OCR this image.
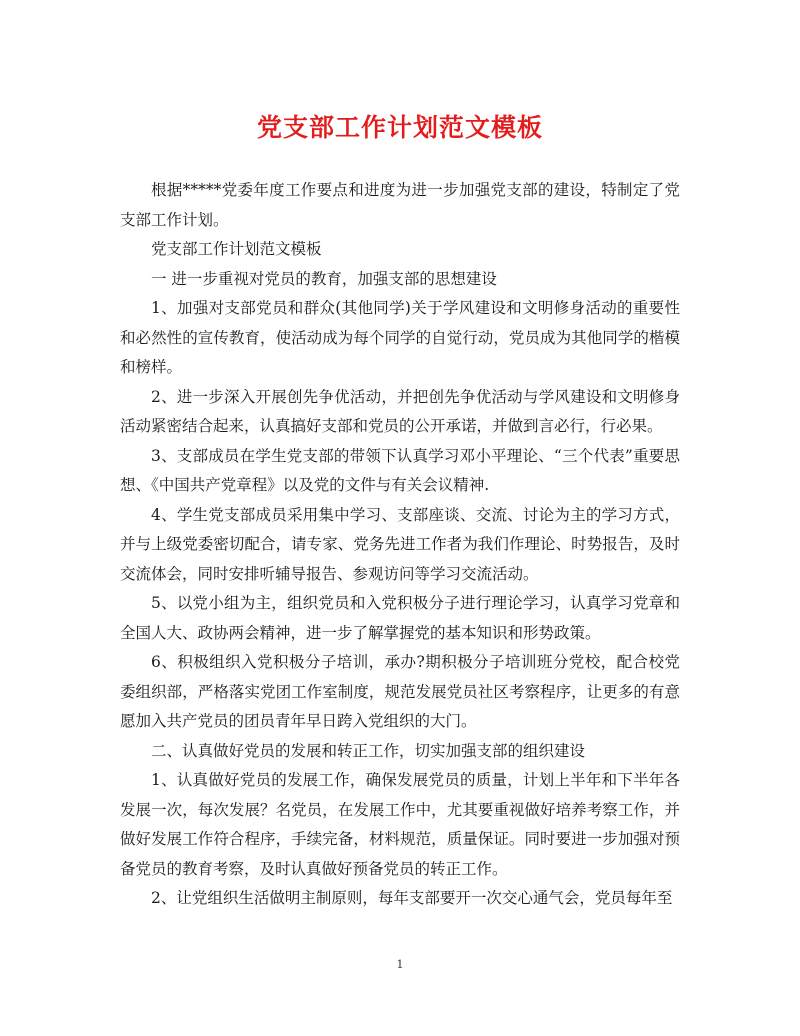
党支部工作计划范文模板

根据*****党委年度工作要点和进度为进一步加强党支部的建设，特制定了党支部工作计划。

党支部工作计划范文模板

一 进一步重视对党员的教育，加强支部的思想建设

1、加强对支部党员和群众(其他同学)关于学风建设和文明修身活动的重要性和必然性的宣传教育，使活动成为每个同学的自觉行动，党员成为其他同学的楷模和榜样。

2、进一步深入开展创先争优活动，并把创先争优活动与学风建设和文明修身活动紧密结合起来，认真搞好支部和党员的公开承诺，并做到言必行，行必果。

3、支部成员在学生党支部的带领下认真学习邓小平理论、“三个代表”重要思想、《中国共产党章程》以及党的文件与有关会议精神.

4、学生党支部成员采用集中学习、支部座谈、交流、讨论为主的学习方式，并与上级党委密切配合，请专家、党务先进工作者为我们作理论、时势报告，及时交流体会，同时安排听辅导报告、参观访问等学习交流活动。

5、以党小组为主，组织党员和入党积极分子进行理论学习，认真学习党章和全国人大、政协两会精神，进一步了解掌握党的基本知识和形势政策。

6、积极组织入党积极分子培训，承办?期积极分子培训班分党校，配合校党委组织部，严格落实党团工作室制度，规范发展党员社区考察程序，让更多的有意愿加入共产党员的团员青年早日跨入党组织的大门。

二、认真做好党员的发展和转正工作，切实加强支部的组织建设

1、认真做好党员的发展工作，确保发展党员的质量，计划上半年和下半年各发展一次，每次发展？名党员，在发展工作中，尤其要重视做好培养考察工作，并做好发展工作符合程序，手续完备，材料规范，质量保证。同时要进一步加强对预备党员的教育考察，及时认真做好预备党员的转正工作。

2、让党组织生活做明主制原则，每年支部要开一次交心通气会，党员每年至

1
